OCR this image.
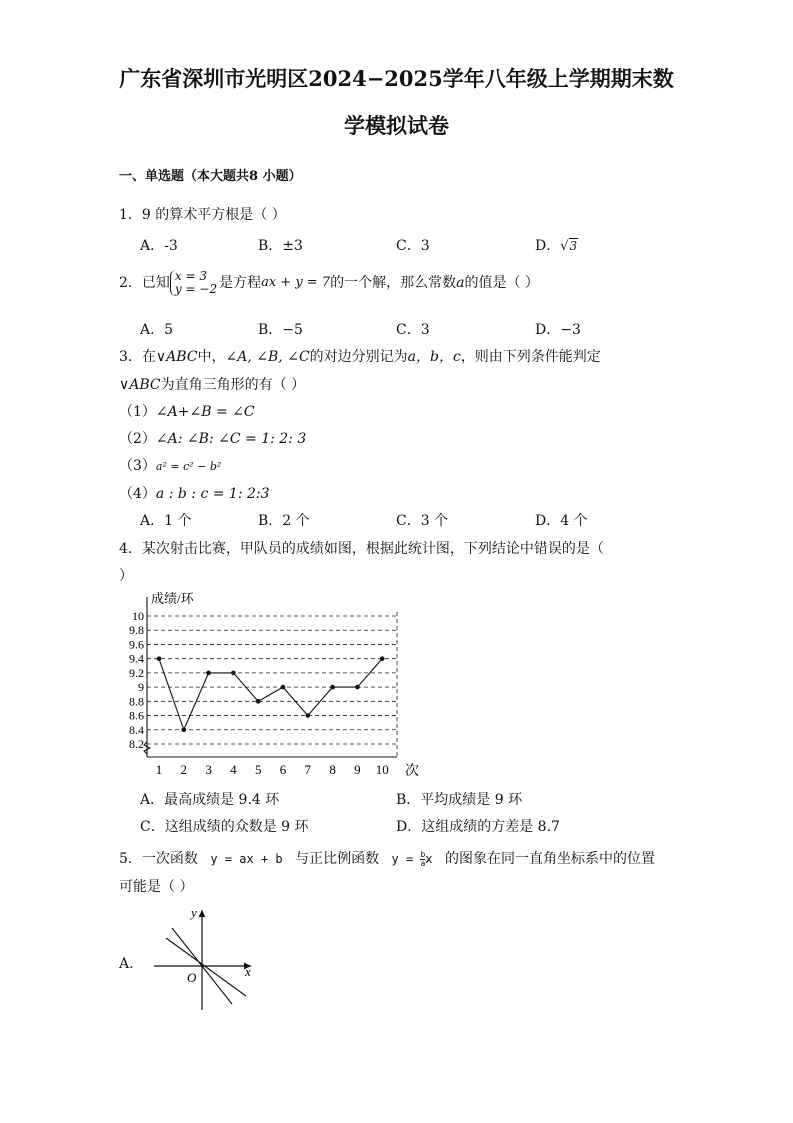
广东省深圳市光明区2024−2025学年八年级上学期期末数
学模拟试卷
一、单选题（本大题共8 小题）
1．9 的算术平方根是（ ）
A．-3	B．±3	C．3	D．√3
2．已知 x = 3
y = −2 是方程ax + y = 7的一个解，那么常数a的值是（ ）
A．5	B．−5	C．3	D．−3
3．在∨ABC中，∠A, ∠B, ∠C的对边分别记为a，b，c，则由下列条件能判定
∨ABC为直角三角形的有（ ）
（1）∠A+∠B = ∠C
（2）∠A: ∠B: ∠C = 1: 2: 3
（3）a² = c² − b²
（4）a : b : c = 1: 2:3
A．1 个	B．2 个	C．3 个	D．4 个
4．某次射击比赛，甲队员的成绩如图，根据此统计图，下列结论中错误的是（
）
10
9.8
9.6
9.4
9.2
9
8.8
8.6
8.4
8.2
1 2 3 4 5 6 7 8 9 10
成绩/环
次
A．最高成绩是 9.4 环	B．平均成绩是 9 环
C．这组成绩的众数是 9 环	D．这组成绩的方差是 8.7
5．一次函数 y = ax + b 与正比例函数 $y = \frac{b}{a}$ x 的图象在同一直角坐标系中的位置
可能是（ ）
A．
y
x
O
